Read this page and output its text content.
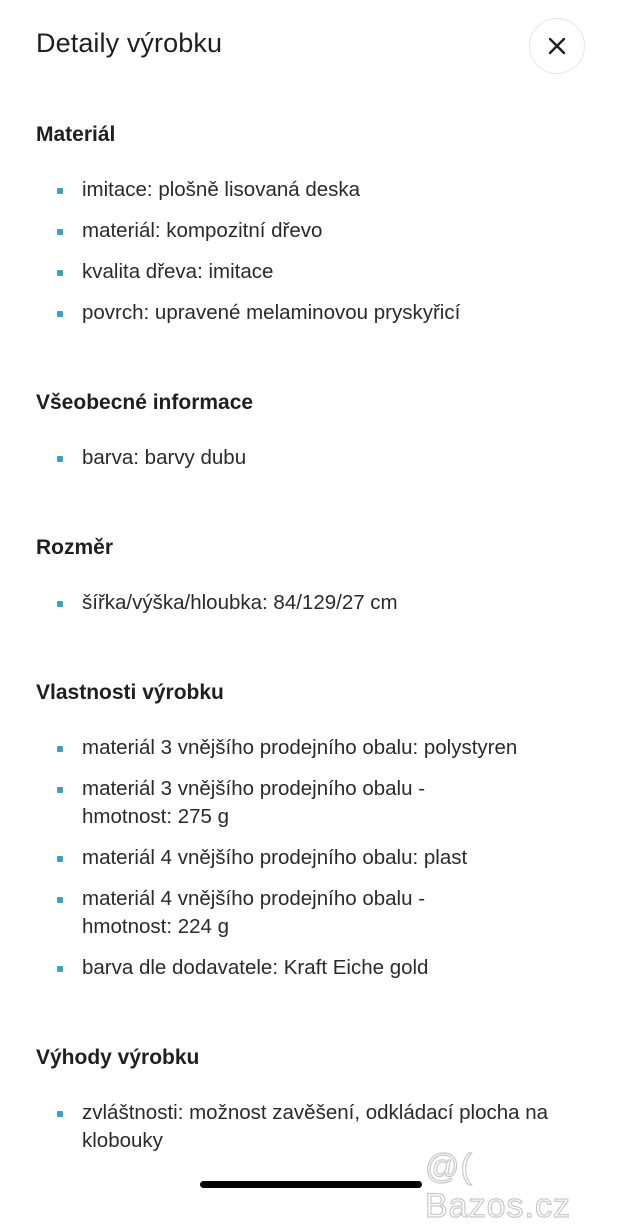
Detaily výrobku
Materiál
imitace: plošně lisovaná deska
materiál: kompozitní dřevo
kvalita dřeva: imitace
povrch: upravené melaminovou pryskyřicí
Všeobecné informace
barva: barvy dubu
Rozměr
šířka/výška/hloubka: 84/129/27 cm
Vlastnosti výrobku
materiál 3 vnějšího prodejního obalu: polystyren
materiál 3 vnějšího prodejního obalu - hmotnost: 275 g
materiál 4 vnějšího prodejního obalu: plast
materiál 4 vnějšího prodejního obalu - hmotnost: 224 g
barva dle dodavatele: Kraft Eiche gold
Výhody výrobku
zvláštnosti: možnost zavěšení, odkládací plocha na klobouky
@( Bazos.cz
